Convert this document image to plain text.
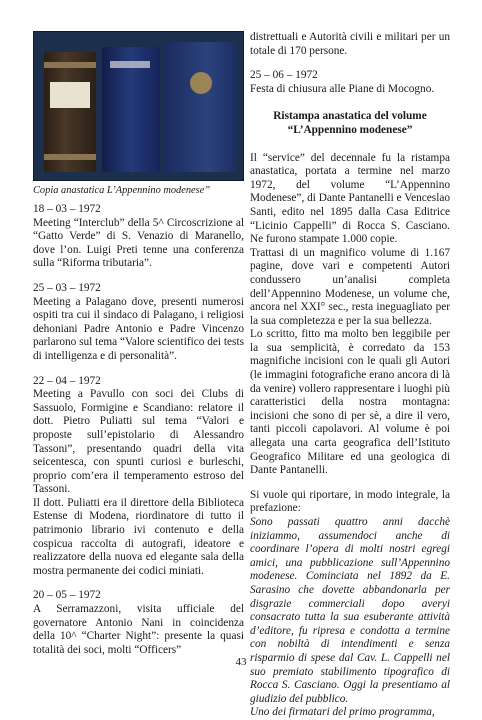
Copia anastatica L’Appennino modenese”

18 – 03 – 1972

Meeting “Interclub” della 5^ Circoscrizione al “Gatto Verde” di S. Venazio di Maranello, dove l’on. Luigi Preti tenne una conferenza sulla “Riforma tributaria”.

25 – 03 – 1972

Meeting a Palagano dove, presenti numerosi ospiti tra cui il sindaco di Palagano, i religiosi dehoniani Padre Antonio e Padre Vincenzo parlarono sul tema “Valore scientifico dei tests di intelligenza e di personalità”.

22 – 04 – 1972

Meeting a Pavullo con soci dei Clubs di Sassuolo, Formigine e Scandiano: relatore il dott. Pietro Puliatti sul tema “Valori e proposte sull’epistolario di Alessandro Tassoni”, presentando quadri della vita seicentesca, con spunti curiosi e burleschi, proprio com’era il temperamento estroso del Tassoni.

Il dott. Puliatti era il direttore della Biblioteca Estense di Modena, riordinatore di tutto il patrimonio librario ivi contenuto e della cospicua raccolta di autografi, ideatore e realizzatore della nuova ed elegante sala della mostra permanente dei codici miniati.

20 – 05 – 1972

A Serramazzoni, visita ufficiale del governatore Antonio Nani in coincidenza della 10^ “Charter Night”: presente la quasi totalità dei soci, molti “Officers”

distrettuali e Autorità civili e militari per un totale di 170 persone.

25 – 06 – 1972

Festa di chiusura alle Piane di Mocogno.

Ristampa anastatica del volume

“L’Appennino modenese”

Il “service” del decennale fu la ristampa anastatica, portata a termine nel marzo 1972, del volume “L’Appennino Modenese”, di Dante Pantanelli e Venceslao Santi, edito nel 1895 dalla Casa Editrice “Licinio Cappelli” di Rocca S. Casciano. Ne furono stampate 1.000 copie.

Trattasi di un magnifico volume di 1.167 pagine, dove vari e competenti Autori condussero un’analisi completa dell’Appennino Modenese, un volume che, ancora nel XXI° sec., resta ineguagliato per la sua completezza e per la sua bellezza.

Lo scritto, fitto ma molto ben leggibile per la sua semplicità, è corredato da 153 magnifiche incisioni con le quali gli Autori (le immagini fotografiche erano ancora di là da venire) vollero rappresentare i luoghi più caratteristici della nostra montagna: incisioni che sono di per sè, a dire il vero, tanti piccoli capolavori. Al volume è poi allegata una carta geografica dell’Istituto Geografico Militare ed una geologica di Dante Pantanelli.

Si vuole qui riportare, in modo integrale, la prefazione:

Sono passati quattro anni dacchè iniziammo, assumendoci anche di coordinare l’opera di molti nostri egregi amici, una pubblicazione sull’Appennino modenese. Cominciata nel 1892 da E. Sarasino che dovette abbandonarla per disgrazie commerciali dopo averyi consacrato tutta la sua esuberante attività d’editore, fu ripresa e condotta a termine con nobiltà di intendimenti e senza risparmio di spese dal Cav. L. Cappelli nel suo premiato stabilimento tipografico di Rocca S. Casciano. Oggi la presentiamo al giudizio del pubblico.

Uno dei firmatari del primo programma,

43
